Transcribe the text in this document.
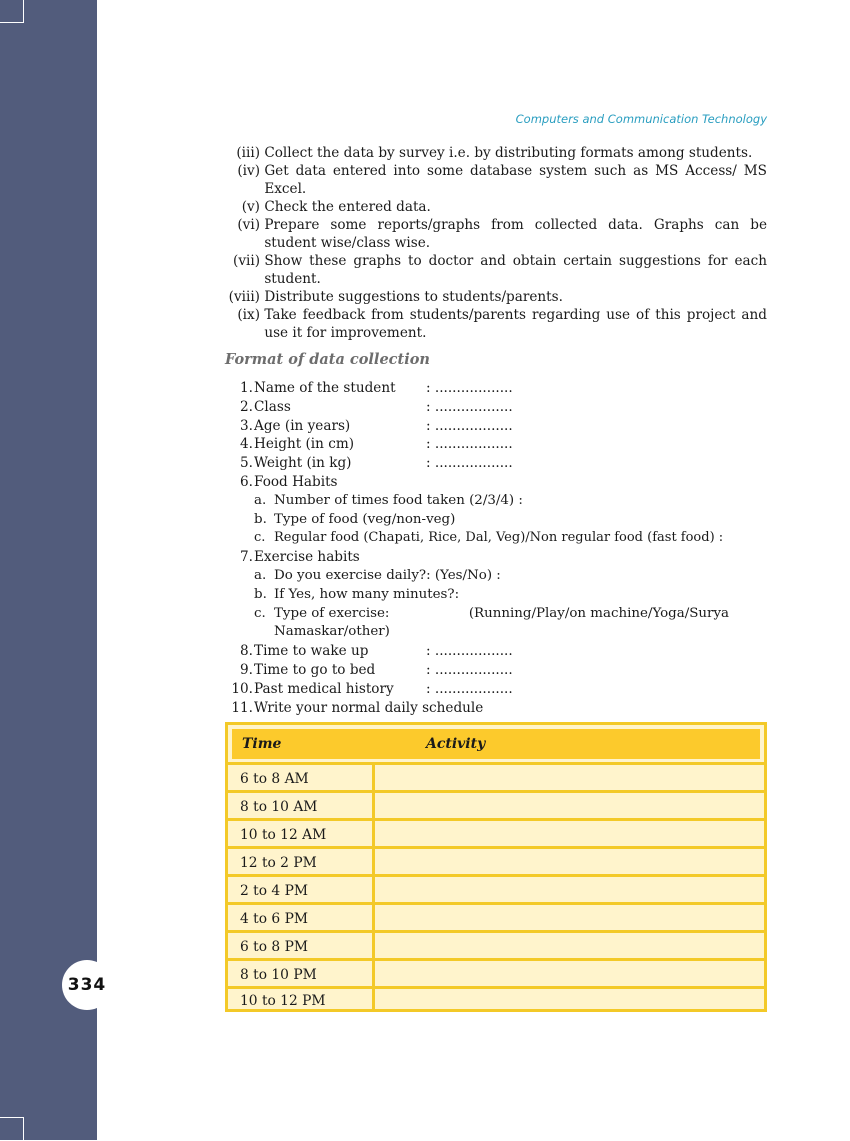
334
Computers and Communication Technology
(iii)
Collect the data by survey i.e. by distributing formats among students.
(iv)
Get data entered into some database system such as MS Access/ MS Excel.
(v)
Check the entered data.
(vi)
Prepare some reports/graphs from collected data. Graphs can be student wise/class wise.
(vii)
Show these graphs to doctor and obtain certain suggestions for each student.
(viii)
Distribute suggestions to students/parents.
(ix)
Take feedback from students/parents regarding use of this project and use it for improvement.
Format of data collection
1. Name of the student	: ..................
2. Class	: ..................
3. Age (in years)	: ..................
4. Height (in cm)	: ..................
5. Weight (in kg)	: ..................
6. Food Habits
a. Number of times food taken (2/3/4) :
b. Type of food (veg/non-veg)
c. Regular food (Chapati, Rice, Dal, Veg)/Non regular food (fast food) :
7. Exercise habits
a. Do you exercise daily?: (Yes/No) :
b. If Yes, how many minutes?:
c. Type of exercise:	(Running/Play/on machine/Yoga/Surya
Namaskar/other)
8. Time to wake up	: ..................
9. Time to go to bed	: ..................
10. Past medical history	: ..................
11. Write your normal daily schedule
Time	Activity
6 to 8 AM
8 to 10 AM
10 to 12 AM
12 to 2 PM
2 to 4 PM
4 to 6 PM
6 to 8 PM
8 to 10 PM
10 to 12 PM
